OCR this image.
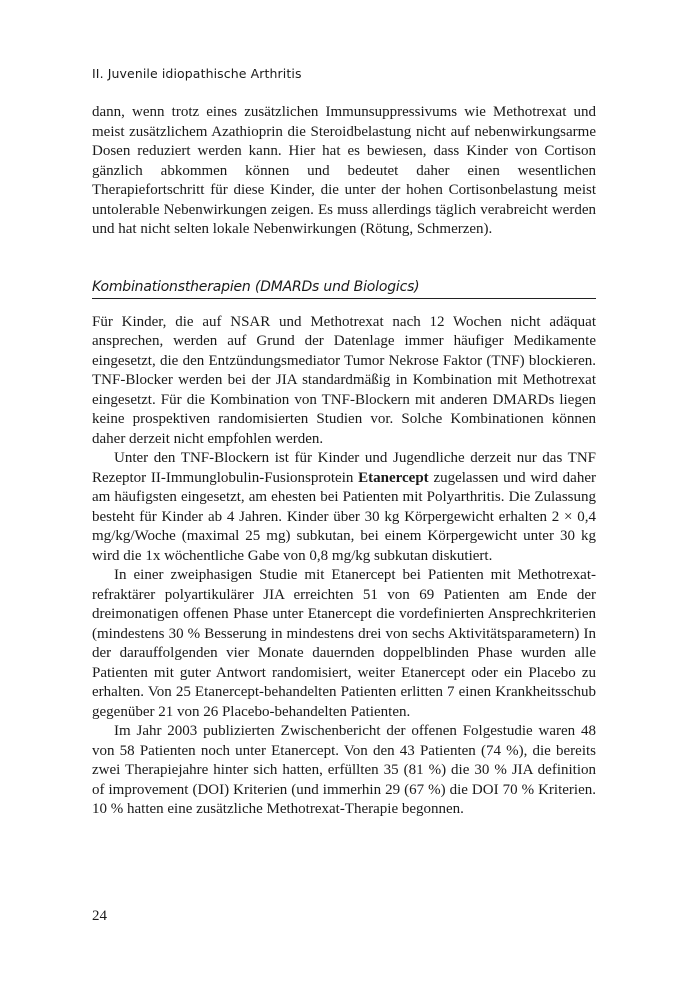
II. Juvenile idiopathische Arthritis

dann, wenn trotz eines zusätzlichen Immunsuppressivums wie Methotrexat und meist zusätzlichem Azathioprin die Steroidbelastung nicht auf nebenwirkungsarme Dosen reduziert werden kann. Hier hat es bewiesen, dass Kinder von Cortison gänzlich abkommen können und bedeutet daher einen wesentlichen Therapiefortschritt für diese Kinder, die unter der hohen Cortisonbelastung meist untolerable Nebenwirkungen zeigen. Es muss allerdings täglich verabreicht werden und hat nicht selten lokale Nebenwirkungen (Rötung, Schmerzen).

Kombinationstherapien (DMARDs und Biologics)

Für Kinder, die auf NSAR und Methotrexat nach 12 Wochen nicht adäquat ansprechen, werden auf Grund der Datenlage immer häufiger Medikamente eingesetzt, die den Entzündungsmediator Tumor Nekrose Faktor (TNF) blockieren. TNF-Blocker werden bei der JIA standardmäßig in Kombination mit Methotrexat eingesetzt. Für die Kombination von TNF-Blockern mit anderen DMARDs liegen keine prospektiven randomisierten Studien vor. Solche Kombinationen können daher derzeit nicht empfohlen werden.

Unter den TNF-Blockern ist für Kinder und Jugendliche derzeit nur das TNF Rezeptor II-Immunglobulin-Fusionsprotein Etanercept zugelassen und wird daher am häufigsten eingesetzt, am ehesten bei Patienten mit Polyarthritis. Die Zulassung besteht für Kinder ab 4 Jahren. Kinder über 30 kg Körpergewicht erhalten 2 × 0,4 mg/kg/Woche (maximal 25 mg) subkutan, bei einem Körpergewicht unter 30 kg wird die 1x wöchentliche Gabe von 0,8 mg/kg subkutan diskutiert.

In einer zweiphasigen Studie mit Etanercept bei Patienten mit Methotrexatrefraktärer polyartikulärer JIA erreichten 51 von 69 Patienten am Ende der dreimonatigen offenen Phase unter Etanercept die vordefinierten Ansprechkriterien (mindestens 30 % Besserung in mindestens drei von sechs Aktivitätsparametern) In der darauffolgenden vier Monate dauernden doppelblinden Phase wurden alle Patienten mit guter Antwort randomisiert, weiter Etanercept oder ein Placebo zu erhalten. Von 25 Etanercept-behandelten Patienten erlitten 7 einen Krankheitsschub gegenüber 21 von 26 Placebo-behandelten Patienten.

Im Jahr 2003 publizierten Zwischenbericht der offenen Folgestudie waren 48 von 58 Patienten noch unter Etanercept. Von den 43 Patienten (74 %), die bereits zwei Therapiejahre hinter sich hatten, erfüllten 35 (81 %) die 30 % JIA definition of improvement (DOI) Kriterien (und immerhin 29 (67 %) die DOI 70 % Kriterien. 10 % hatten eine zusätzliche Methotrexat-Therapie begonnen.

24
